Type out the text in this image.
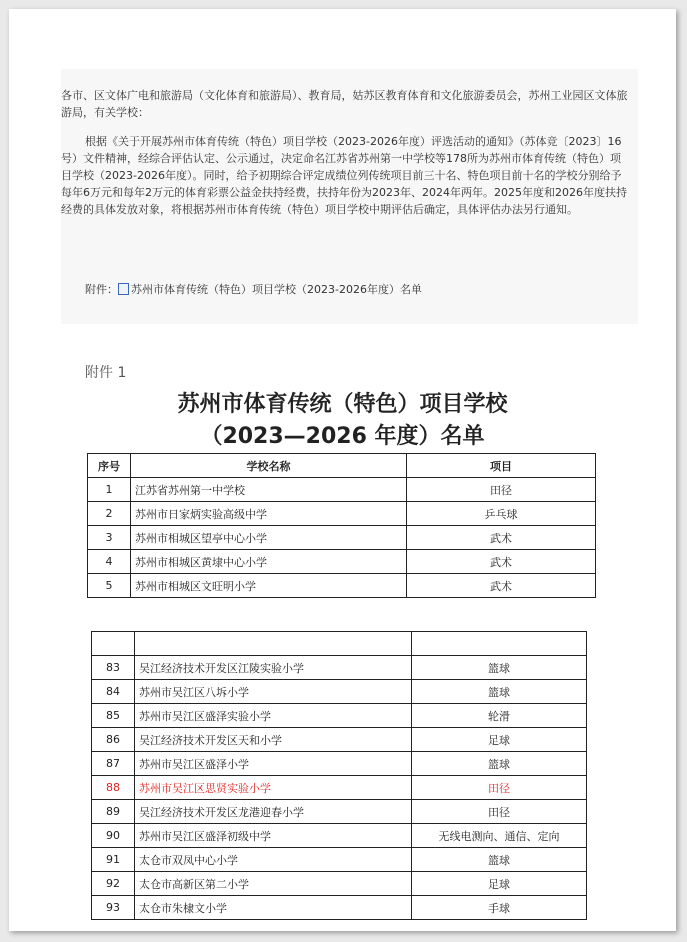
各市、区文体广电和旅游局（文化体育和旅游局）、教育局，姑苏区教育体育和文化旅游委员会，苏州工业园区文体旅游局，有关学校：

根据《关于开展苏州市体育传统（特色）项目学校（2023-2026年度）评选活动的通知》（苏体竞〔2023〕16号）文件精神，经综合评估认定、公示通过，决定命名江苏省苏州第一中学校等178所为苏州市体育传统（特色）项目学校（2023-2026年度）。同时，给予初期综合评定成绩位列传统项目前三十名、特色项目前十名的学校分别给予每年6万元和每年2万元的体育彩票公益金扶持经费，扶持年份为2023年、2024年两年。2025年度和2026年度扶持经费的具体发放对象，将根据苏州市体育传统（特色）项目学校中期评估后确定，具体评估办法另行通知。

附件： 苏州市体育传统（特色）项目学校（2023-2026年度）名单

附件 1

苏州市体育传统（特色）项目学校
（2023—2026 年度）名单
序号	学校名称	项目
1	江苏省苏州第一中学校	田径
2	苏州市日家炳实验高级中学	乒乓球
3	苏州市相城区望亭中心小学	武术
4	苏州市相城区黄埭中心小学	武术
5	苏州市相城区文旺明小学	武术

83	吴江经济技术开发区江陵实验小学	篮球
84	苏州市吴江区八坼小学	篮球
85	苏州市吴江区盛泽实验小学	轮滑
86	吴江经济技术开发区天和小学	足球
87	苏州市吴江区盛泽小学	篮球
88	苏州市吴江区思贤实验小学	田径
89	吴江经济技术开发区龙港迎春小学	田径
90	苏州市吴江区盛泽初级中学	无线电测向、通信、定向
91	太仓市双凤中心小学	篮球
92	太仓市高新区第二小学	足球
93	太仓市朱棣文小学	手球
